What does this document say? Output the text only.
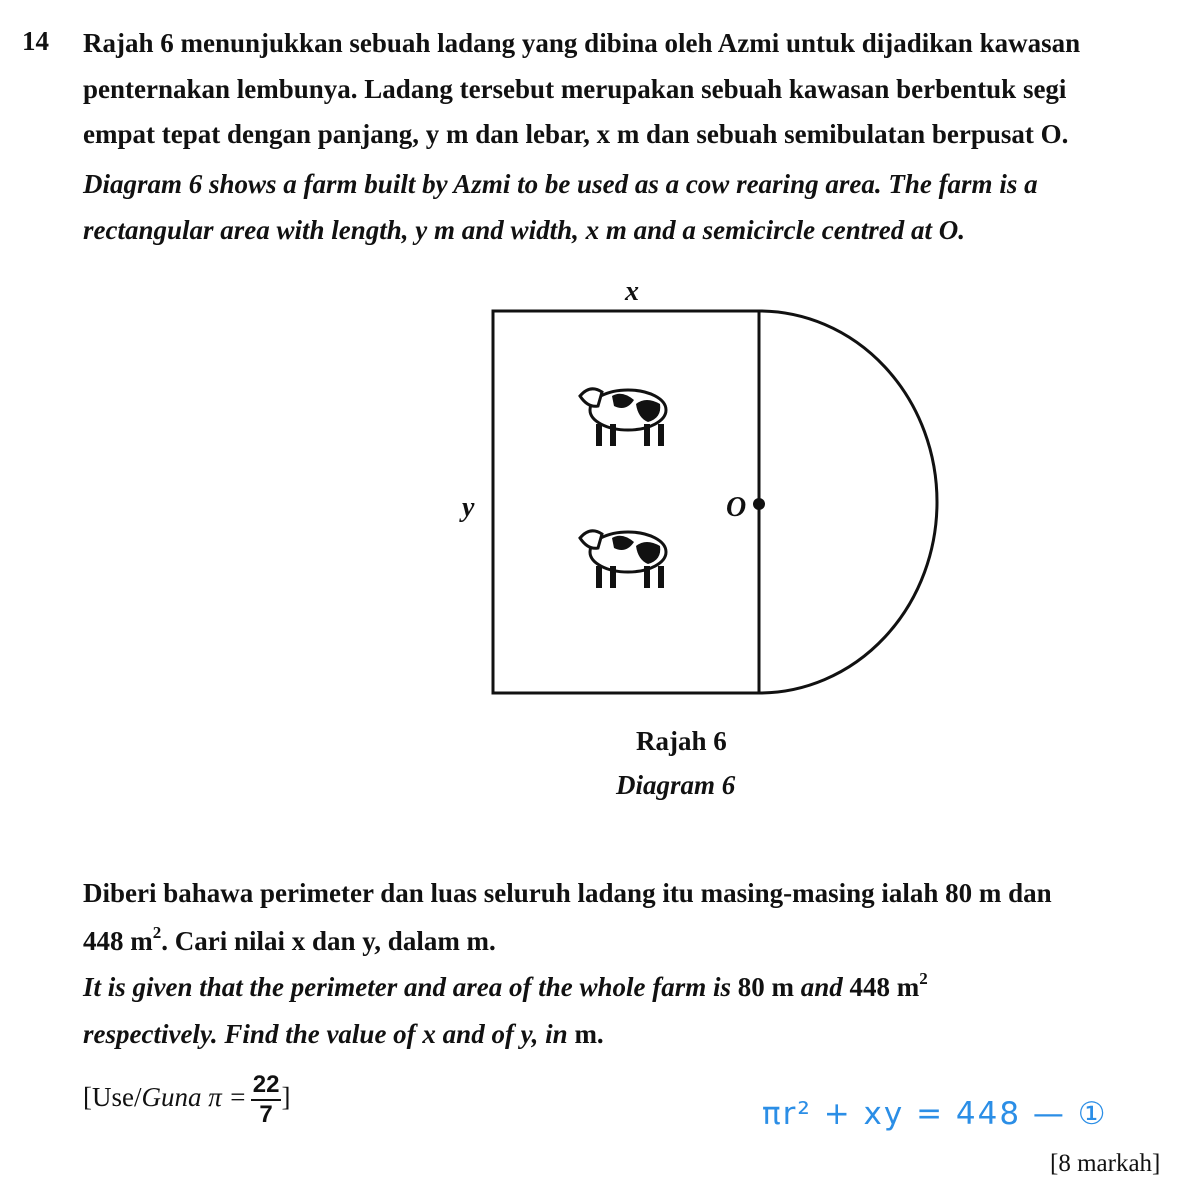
14 Rajah 6 menunjukkan sebuah ladang yang dibina oleh Azmi untuk dijadikan kawasan
penternakan lembunya. Ladang tersebut merupakan sebuah kawasan berbentuk segi
empat tepat dengan panjang, y m dan lebar, x m dan sebuah semibulatan berpusat O.
Diagram 6 shows a farm built by Azmi to be used as a cow rearing area. The farm is a
rectangular area with length, y m and width, x m and a semicircle centred at O.
x
y	O
Rajah 6
Diagram 6
Diberi bahawa perimeter dan luas seluruh ladang itu masing-masing ialah 80 m dan
448 $m^2$. Cari nilai x dan y, dalam m.
It is given that the perimeter and area of the whole farm is 80 m and 448 $m^2$
respectively. Find the value of x and of y, in m.
[Use/Guna $\pi = \frac{22}{7}$ ]	πr² + xy = 448 — ①
[8 markah]
